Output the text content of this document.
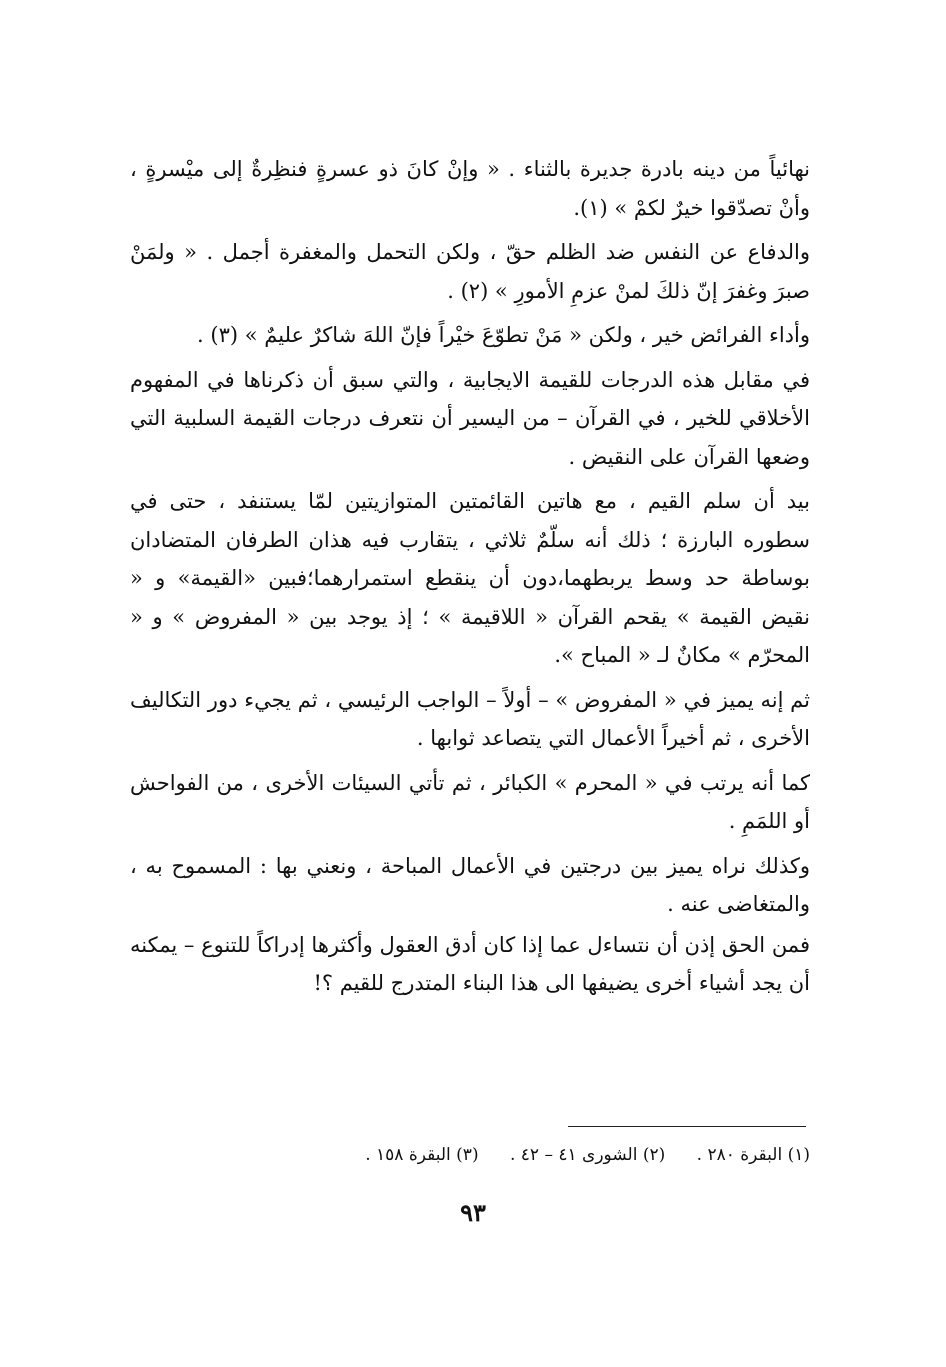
نهائياً من دينه بادرة جديرة بالثناء . « وإنْ كانَ ذو عسرةٍ فنظِرةٌ إلى ميْسرةٍ ، وأنْ تصدّقوا خيرٌ لكمْ » (١).

والدفاع عن النفس ضد الظلم حقّ ، ولكن التحمل والمغفرة أجمل . « ولمَنْ صبرَ وغفرَ إنّ ذلكَ لمنْ عزمِ الأمورِ » (٢) .

وأداء الفرائض خير ، ولكن « مَنْ تطوّعَ خيْراً فإنّ اللهَ شاكرٌ عليمٌ » (٣) .

في مقابل هذه الدرجات للقيمة الايجابية ، والتي سبق أن ذكرناها في المفهوم الأخلاقي للخير ، في القرآن – من اليسير أن نتعرف درجات القيمة السلبية التي وضعها القرآن على النقيض .

بيد أن سلم القيم ، مع هاتين القائمتين المتوازيتين لمّا يستنفد ، حتى في سطوره البارزة ؛ ذلك أنه سلّمٌ ثلاثي ، يتقارب فيه هذان الطرفان المتضادان بوساطة حد وسط يربطهما،دون أن ينقطع استمرارهما؛فبين «القيمة» و « نقيض القيمة » يقحم القرآن « اللاقيمة » ؛ إذ يوجد بين « المفروض » و « المحرّم » مكانٌ لـ « المباح ».

ثم إنه يميز في « المفروض » – أولاً – الواجب الرئيسي ، ثم يجيء دور التكاليف الأخرى ، ثم أخيراً الأعمال التي يتصاعد ثوابها .

كما أنه يرتب في « المحرم » الكبائر ، ثم تأتي السيئات الأخرى ، من الفواحش أو اللمَمِ .

وكذلك نراه يميز بين درجتين في الأعمال المباحة ، ونعني بها : المسموح به ، والمتغاضى عنه .

فمن الحق إذن أن نتساءل عما إذا كان أدق العقول وأكثرها إدراكاً للتنوع – يمكنه أن يجد أشياء أخرى يضيفها الى هذا البناء المتدرج للقيم ؟!

(١) البقرة ٢٨٠ . (٢) الشورى ٤١ – ٤٢ . (٣) البقرة ١٥٨ .
٩٣
